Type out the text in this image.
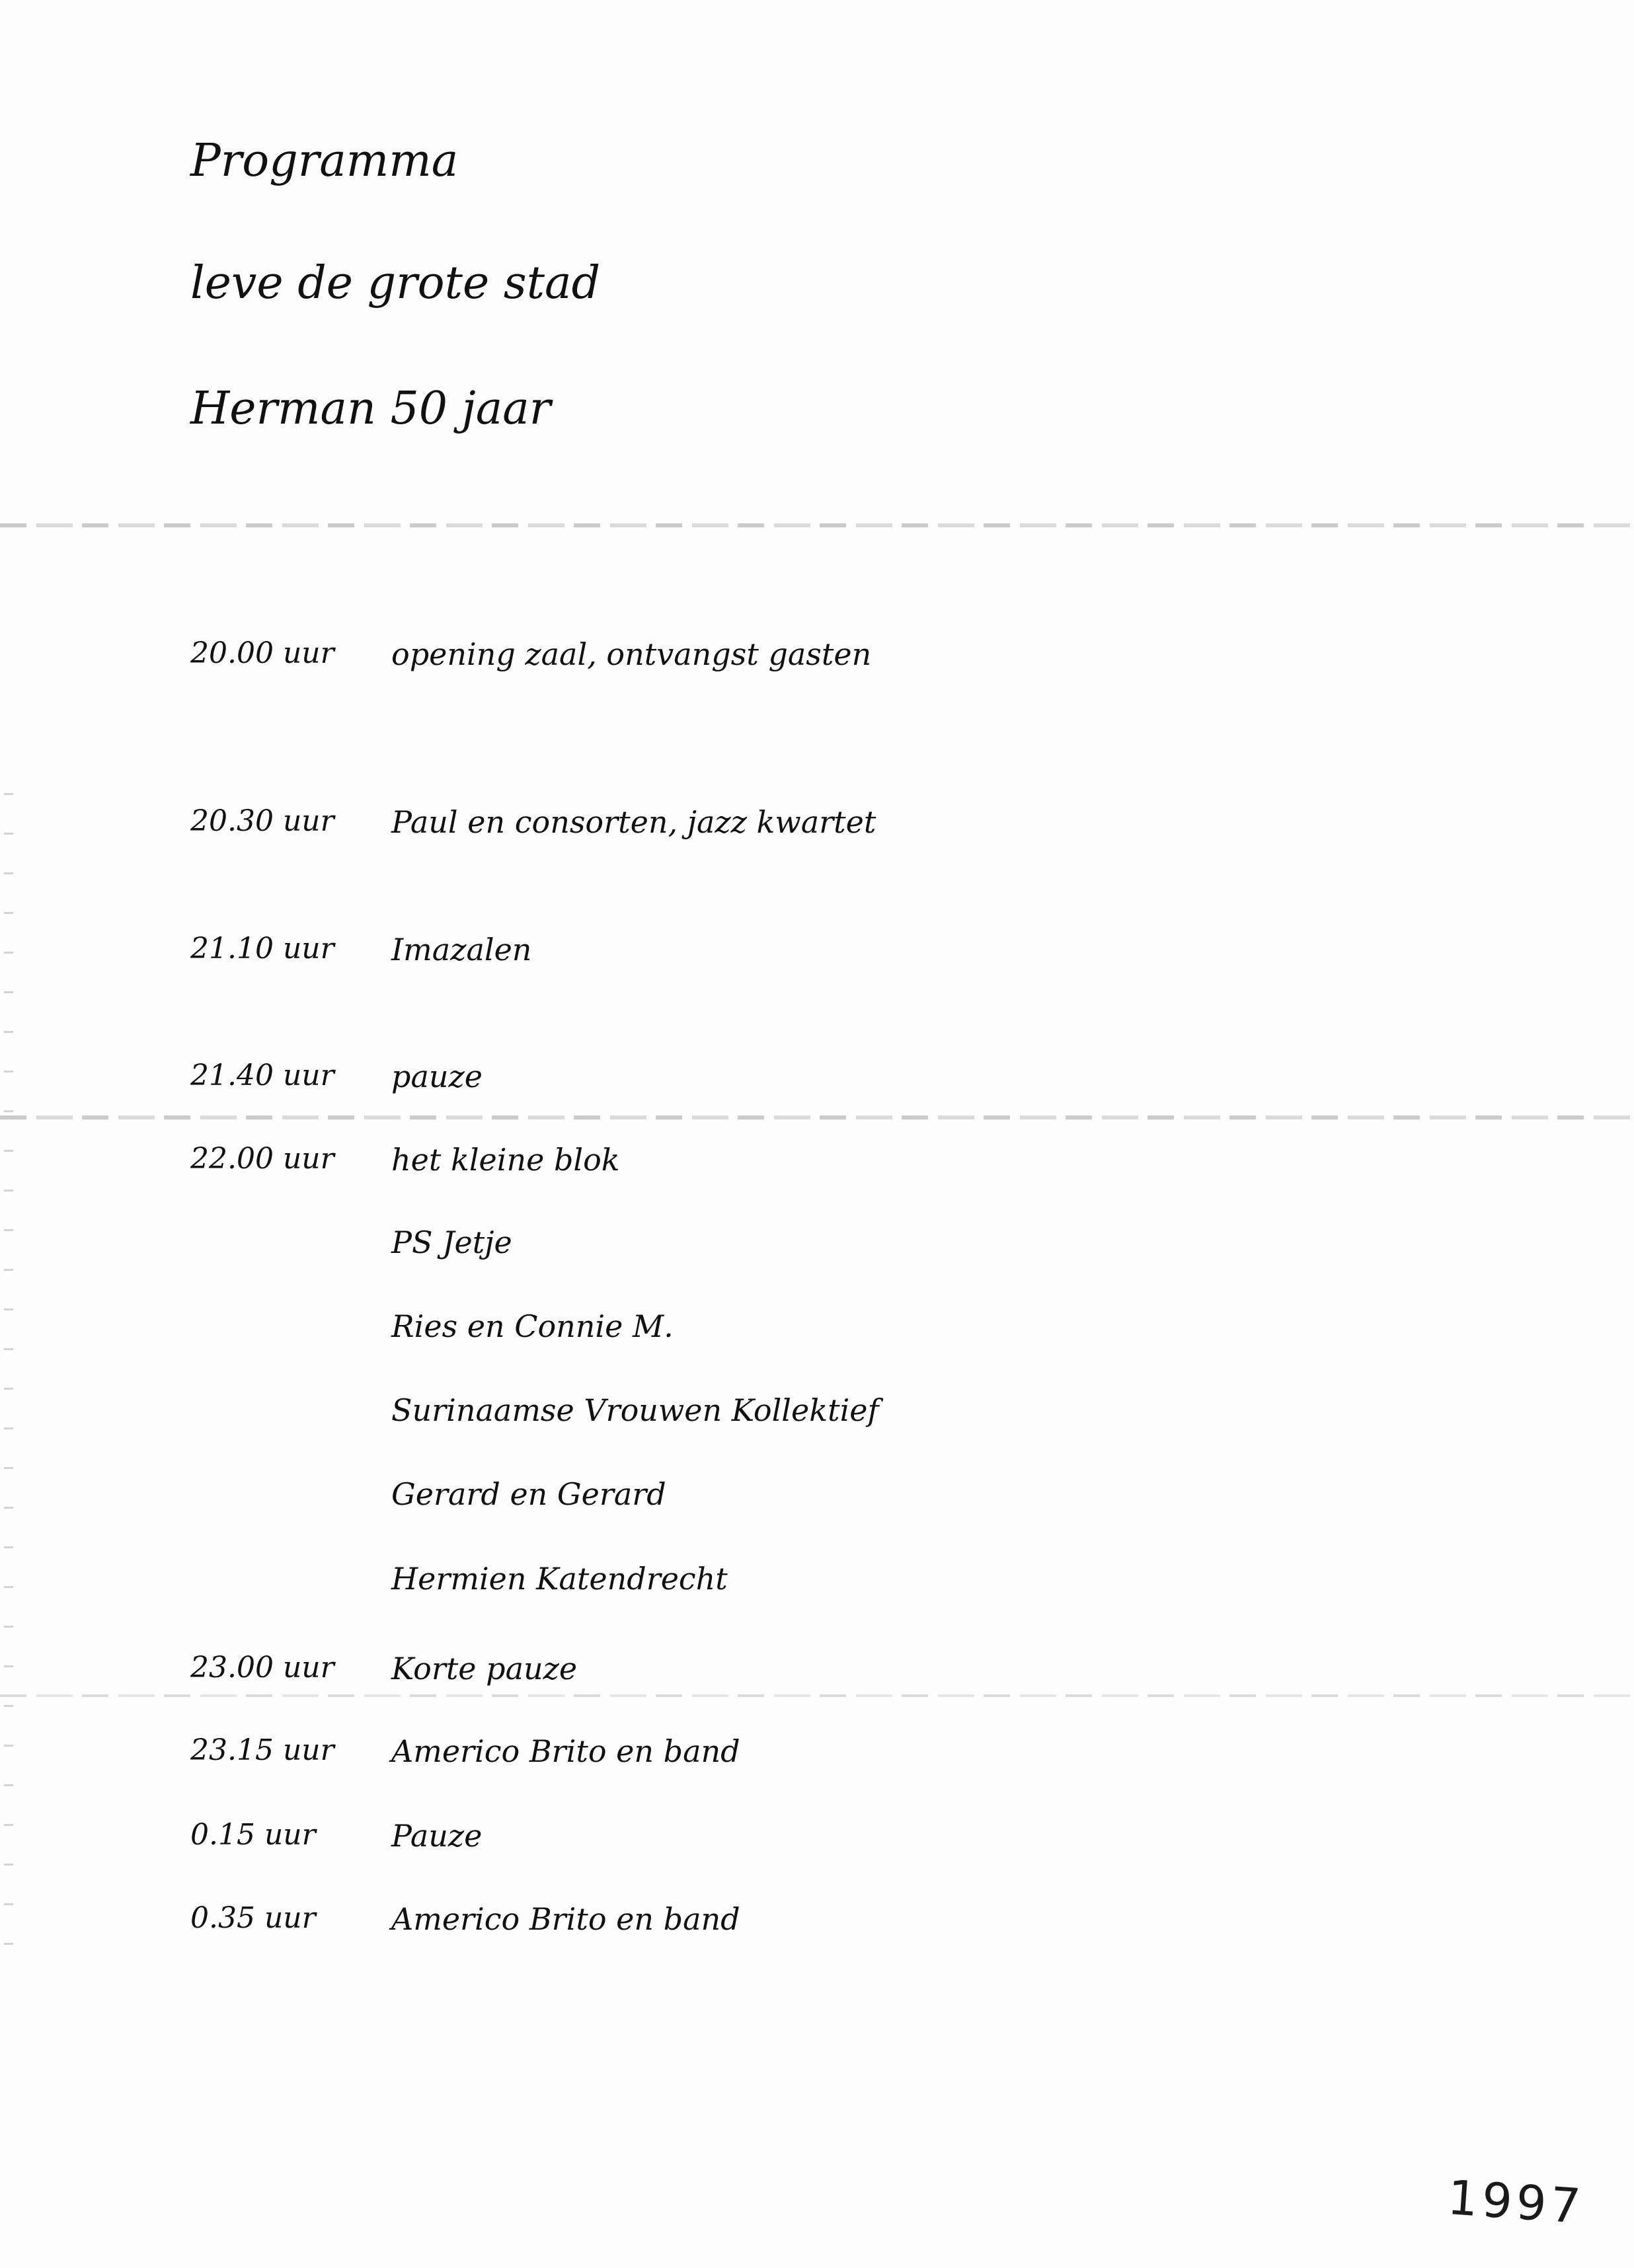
Programma
leve de grote stad
Herman 50 jaar
20.00 uur opening zaal, ontvangst gasten
20.30 uur Paul en consorten, jazz kwartet
21.10 uur Imazalen
21.40 uur pauze
22.00 uur het kleine blok
PS Jetje
Ries en Connie M.
Surinaamse Vrouwen Kollektief
Gerard en Gerard
Hermien Katendrecht
23.00 uur Korte pauze
23.15 uur Americo Brito en band
0.15 uur Pauze
0.35 uur Americo Brito en band
1997
